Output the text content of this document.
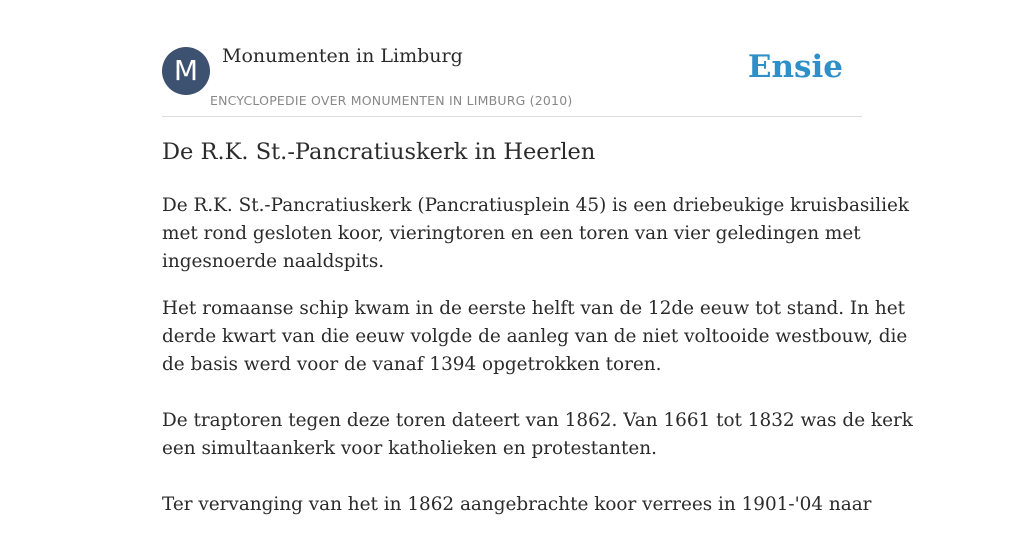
M	Monumenten in Limburg
ENCYCLOPEDIE OVER MONUMENTEN IN LIMBURG (2010)
Ensie
De R.K. St.-Pancratiuskerk in Heerlen

De R.K. St.-Pancratiuskerk (Pancratiusplein 45) is een driebeukige kruisbasiliek
met rond gesloten koor, vieringtoren en een toren van vier geledingen met
ingesnoerde naaldspits.

Het romaanse schip kwam in de eerste helft van de 12de eeuw tot stand. In het
derde kwart van die eeuw volgde de aanleg van de niet voltooide westbouw, die
de basis werd voor de vanaf 1394 opgetrokken toren.
De traptoren tegen deze toren dateert van 1862. Van 1661 tot 1832 was de kerk
een simultaankerk voor katholieken en protestanten.
Ter vervanging van het in 1862 aangebrachte koor verrees in 1901-'04 naar
